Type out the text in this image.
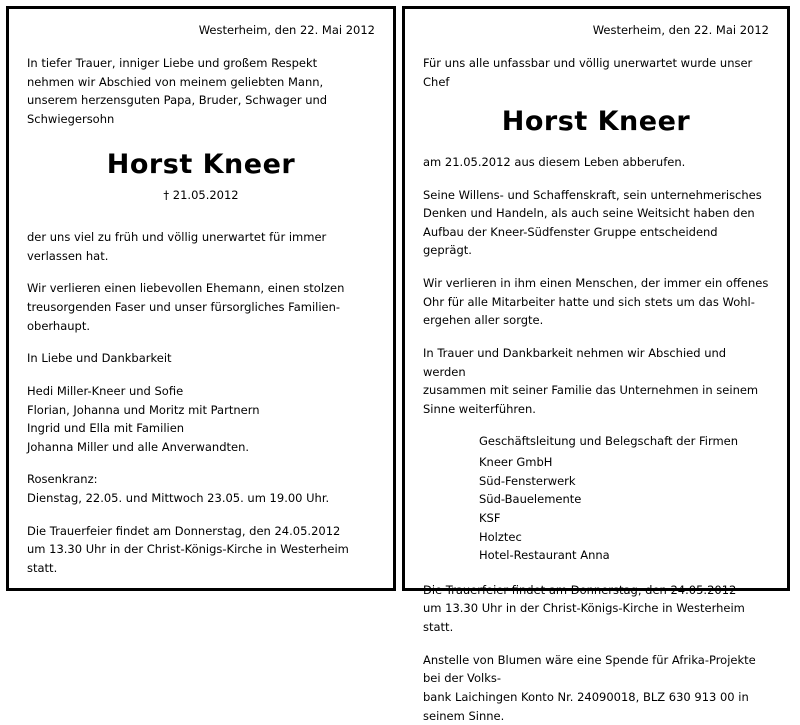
Westerheim, den 22. Mai 2012
In tiefer Trauer, inniger Liebe und großem Respekt
nehmen wir Abschied von meinem geliebten Mann,
unserem herzensguten Papa, Bruder, Schwager und
Schwiegersohn
Horst Kneer
† 21.05.2012
der uns viel zu früh und völlig unerwartet für immer
verlassen hat.
Wir verlieren einen liebevollen Ehemann, einen stolzen
treusorgenden Faser und unser fürsorgliches Familien-
oberhaupt.
In Liebe und Dankbarkeit
Hedi Miller-Kneer und Sofie
Florian, Johanna und Moritz mit Partnern
Ingrid und Ella mit Familien
Johanna Miller und alle Anverwandten.
Rosenkranz:
Dienstag, 22.05. und Mittwoch 23.05. um 19.00 Uhr.
Die Trauerfeier findet am Donnerstag, den 24.05.2012
um 13.30 Uhr in der Christ-Königs-Kirche in Westerheim statt.
Westerheim, den 22. Mai 2012
Für uns alle unfassbar und völlig unerwartet wurde unser Chef
Horst Kneer
am 21.05.2012 aus diesem Leben abberufen.
Seine Willens- und Schaffenskraft, sein unternehmerisches
Denken und Handeln, als auch seine Weitsicht haben den
Aufbau der Kneer-Südfenster Gruppe entscheidend geprägt.
Wir verlieren in ihm einen Menschen, der immer ein offenes
Ohr für alle Mitarbeiter hatte und sich stets um das Wohl-
ergehen aller sorgte.
In Trauer und Dankbarkeit nehmen wir Abschied und werden
zusammen mit seiner Familie das Unternehmen in seinem
Sinne weiterführen.
Geschäftsleitung und Belegschaft der Firmen
Kneer GmbH
Süd-Fensterwerk
Süd-Bauelemente
KSF
Holztec
Hotel-Restaurant Anna
Die Trauerfeier findet am Donnerstag, den 24.05.2012
um 13.30 Uhr in der Christ-Königs-Kirche in Westerheim statt.
Anstelle von Blumen wäre eine Spende für Afrika-Projekte bei der Volks-
bank Laichingen Konto Nr. 24090018, BLZ 630 913 00 in seinem Sinne.
